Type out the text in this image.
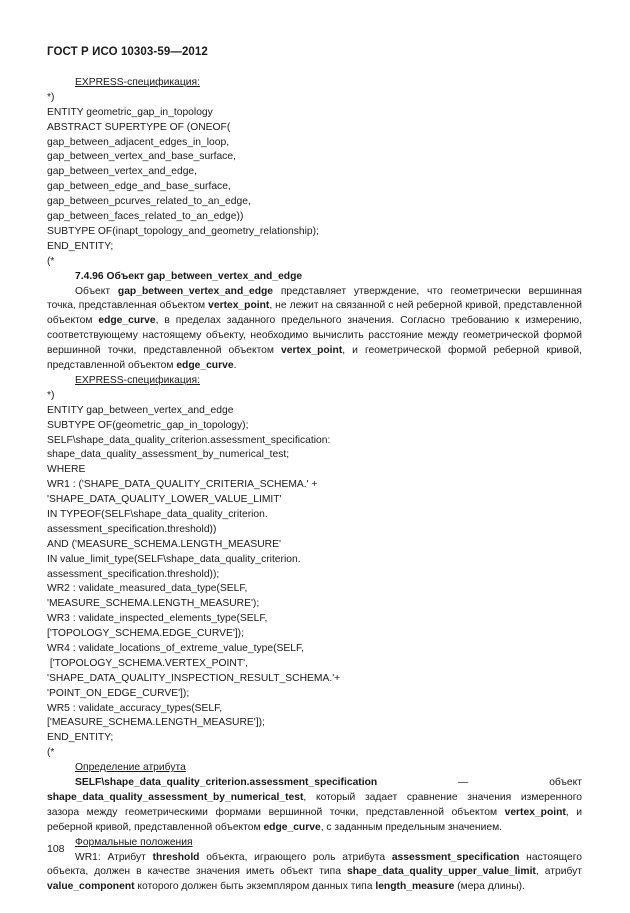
ГОСТ Р ИСО 10303-59—2012
EXPRESS-спецификация:
*)
ENTITY geometric_gap_in_topology
ABSTRACT SUPERTYPE OF (ONEOF(
gap_between_adjacent_edges_in_loop,
gap_between_vertex_and_base_surface,
gap_between_vertex_and_edge,
gap_between_edge_and_base_surface,
gap_between_pcurves_related_to_an_edge,
gap_between_faces_related_to_an_edge))
SUBTYPE OF(inapt_topology_and_geometry_relationship);
END_ENTITY;
(*
7.4.96 Объект gap_between_vertex_and_edge

Объект gap_between_vertex_and_edge представляет утверждение, что геометрически вершинная точка, представленная объектом vertex_point, не лежит на связанной с ней реберной кривой, представленной объектом edge_curve, в пределах заданного предельного значения. Согласно требованию к измерению, соответствующему настоящему объекту, необходимо вычислить расстояние между геометрической формой вершинной точки, представленной объектом vertex_point, и геометрической формой реберной кривой, представленной объектом edge_curve.

EXPRESS-спецификация:
*)
ENTITY gap_between_vertex_and_edge
SUBTYPE OF(geometric_gap_in_topology);
SELF\shape_data_quality_criterion.assessment_specification:
shape_data_quality_assessment_by_numerical_test;
WHERE
WR1 : ('SHAPE_DATA_QUALITY_CRITERIA_SCHEMA.' +
'SHAPE_DATA_QUALITY_LOWER_VALUE_LIMIT'
IN TYPEOF(SELF\shape_data_quality_criterion.
assessment_specification.threshold))
AND ('MEASURE_SCHEMA.LENGTH_MEASURE'
IN value_limit_type(SELF\shape_data_quality_criterion.
assessment_specification.threshold));
WR2 : validate_measured_data_type(SELF,
'MEASURE_SCHEMA.LENGTH_MEASURE');
WR3 : validate_inspected_elements_type(SELF,
['TOPOLOGY_SCHEMA.EDGE_CURVE']);
WR4 : validate_locations_of_extreme_value_type(SELF,
['TOPOLOGY_SCHEMA.VERTEX_POINT',
'SHAPE_DATA_QUALITY_INSPECTION_RESULT_SCHEMA.'+
'POINT_ON_EDGE_CURVE']);
WR5 : validate_accuracy_types(SELF,
['MEASURE_SCHEMA.LENGTH_MEASURE']);
END_ENTITY;
(*
Определение атрибута

SELF\shape_data_quality_criterion.assessment_specification — объект shape_data_quality_assessment_by_numerical_test, который задает сравнение значения измеренного зазора между геометрическими формами вершинной точки, представленной объектом vertex_point, и реберной кривой, представленной объектом edge_curve, с заданным предельным значением.

Формальные положения

WR1: Атрибут threshold объекта, играющего роль атрибута assessment_specification настоящего объекта, должен в качестве значения иметь объект типа shape_data_quality_upper_value_limit, атрибут value_component которого должен быть экземпляром данных типа length_measure (мера длины).

108
